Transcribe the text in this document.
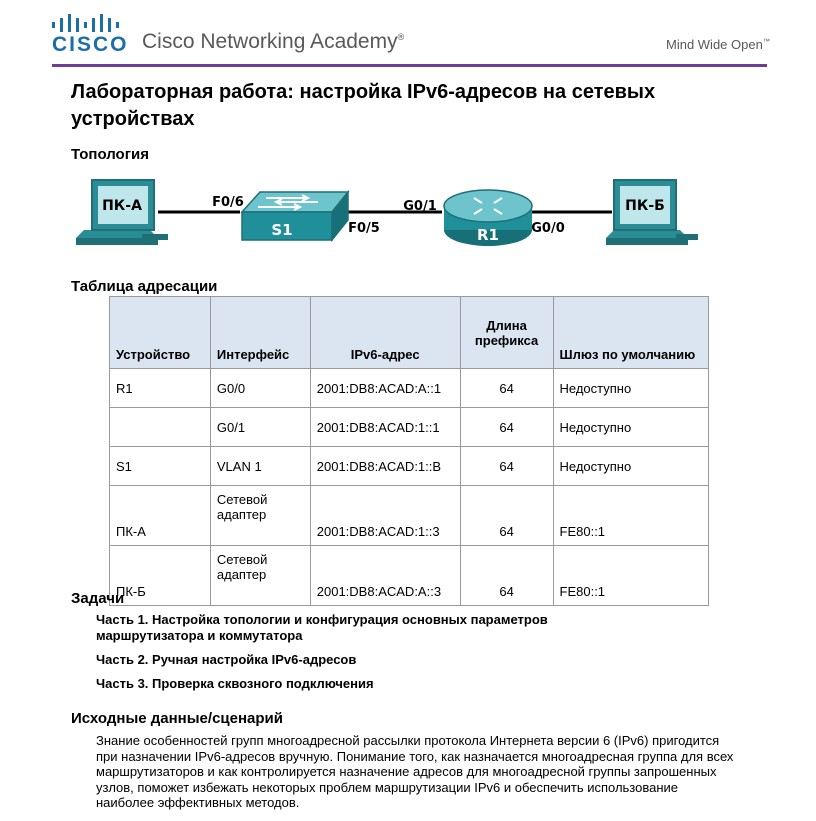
CISCO Cisco Networking Academy®	Mind Wide Open™
Лабораторная работа: настройка IPv6-адресов на сетевых устройствах
Топология
ПК-А
S1	R1
ПК-Б
F0/6
F0/5
G0/1
G0/0
Таблица адресации
Устройство	Интерфейс	IPv6-адрес	Длина префикса	Шлюз по умолчанию
R1	G0/0	2001:DB8:ACAD:A::1	64	Недоступно
	G0/1	2001:DB8:ACAD:1::1	64	Недоступно
S1	VLAN 1	2001:DB8:ACAD:1::B	64	Недоступно
ПК-А	Сетевой адаптер	2001:DB8:ACAD:1::3	64	FE80::1
ПК-Б	Сетевой адаптер	2001:DB8:ACAD:A::3	64	FE80::1
Задачи
Часть 1. Настройка топологии и конфигурация основных параметров маршрутизатора и коммутатора
Часть 2. Ручная настройка IPv6-адресов
Часть 3. Проверка сквозного подключения
Исходные данные/сценарий
Знание особенностей групп многоадресной рассылки протокола Интернета версии 6 (IPv6) пригодится при назначении IPv6-адресов вручную. Понимание того, как назначается многоадресная группа для всех маршрутизаторов и как контролируется назначение адресов для многоадресной группы запрошенных узлов, поможет избежать некоторых проблем маршрутизации IPv6 и обеспечить использование наиболее эффективных методов.
